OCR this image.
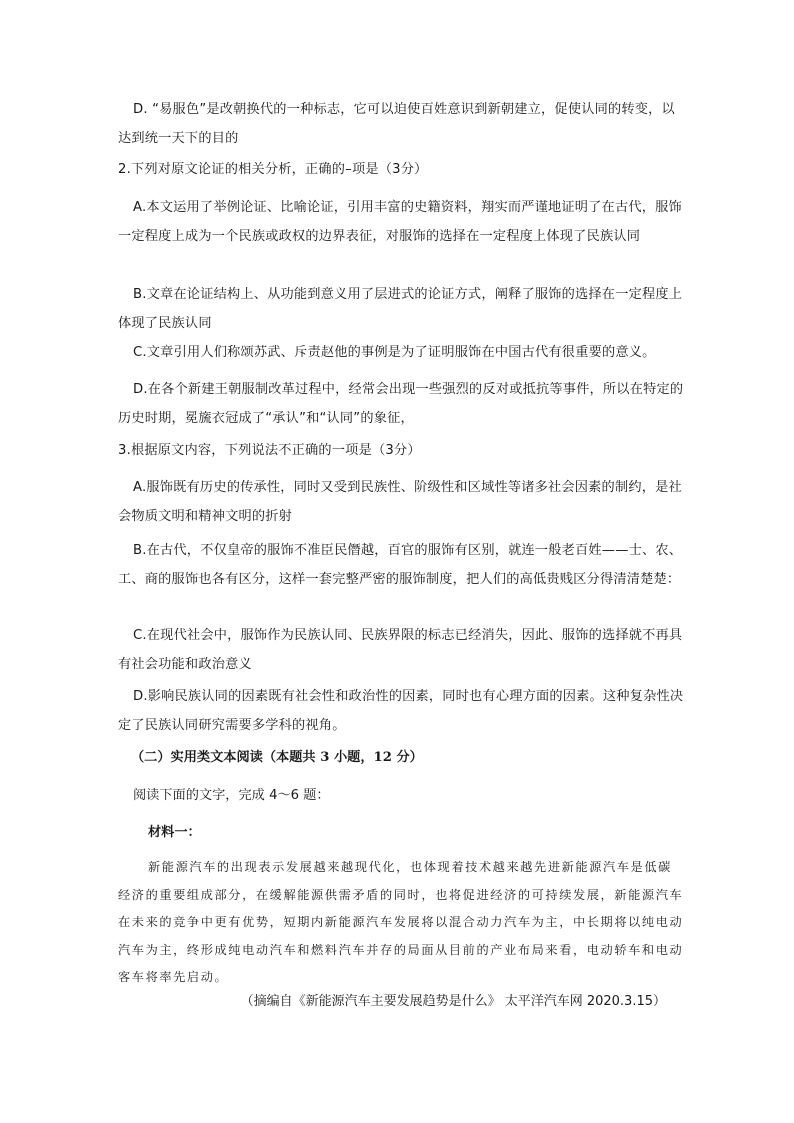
D. “易服色”是改朝换代的一种标志，它可以迫使百姓意识到新朝建立，促使认同的转变，以达到统一天下的目的

2.下列对原文论证的相关分析，正确的–项是（3分）

A.本文运用了举例论证、比喻论证，引用丰富的史籍资料，翔实而严谨地证明了在古代，服饰一定程度上成为一个民族或政权的边界表征，对服饰的选择在一定程度上体现了民族认同

B.文章在论证结构上、从功能到意义用了层进式的论证方式，阐释了服饰的选择在一定程度上体现了民族认同

C.文章引用人们称颂苏武、斥责赵他的事例是为了证明服饰在中国古代有很重要的意义。

D.在各个新建王朝服制改革过程中，经常会出现一些强烈的反对或抵抗等事件，所以在特定的历史时期，冕旒衣冠成了“承认”和“认同”的象征，

3.根据原文内容，下列说法不正确的一项是（3分）

A.服饰既有历史的传承性，同时又受到民族性、阶级性和区域性等诸多社会因素的制约，是社会物质文明和精神文明的折射

B.在古代，不仅皇帝的服饰不准臣民僭越，百官的服饰有区别，就连一般老百姓——士、农、工、商的服饰也各有区分，这样一套完整严密的服饰制度，把人们的高低贵贱区分得清清楚楚：

C.在现代社会中，服饰作为民族认同、民族界限的标志已经消失，因此、服饰的选择就不再具有社会功能和政治意义

D.影响民族认同的因素既有社会性和政治性的因素，同时也有心理方面的因素。这种复杂性决定了民族认同研究需要多学科的视角。

（二）实用类文本阅读（本题共 3 小题，12 分）

阅读下面的文字，完成 4～6 题：

材料一：

新能源汽车的出现表示发展越来越现代化，也体现着技术越来越先进新能源汽车是低碳经济的重要组成部分，在缓解能源供需矛盾的同时，也将促进经济的可持续发展，新能源汽车在未来的竞争中更有优势，短期内新能源汽车发展将以混合动力汽车为主，中长期将以纯电动汽车为主，终形成纯电动汽车和燃料汽车并存的局面从目前的产业布局来看，电动轿车和电动客车将率先启动。

（摘编自《新能源汽车主要发展趋势是什么》 太平洋汽车网 2020.3.15）
